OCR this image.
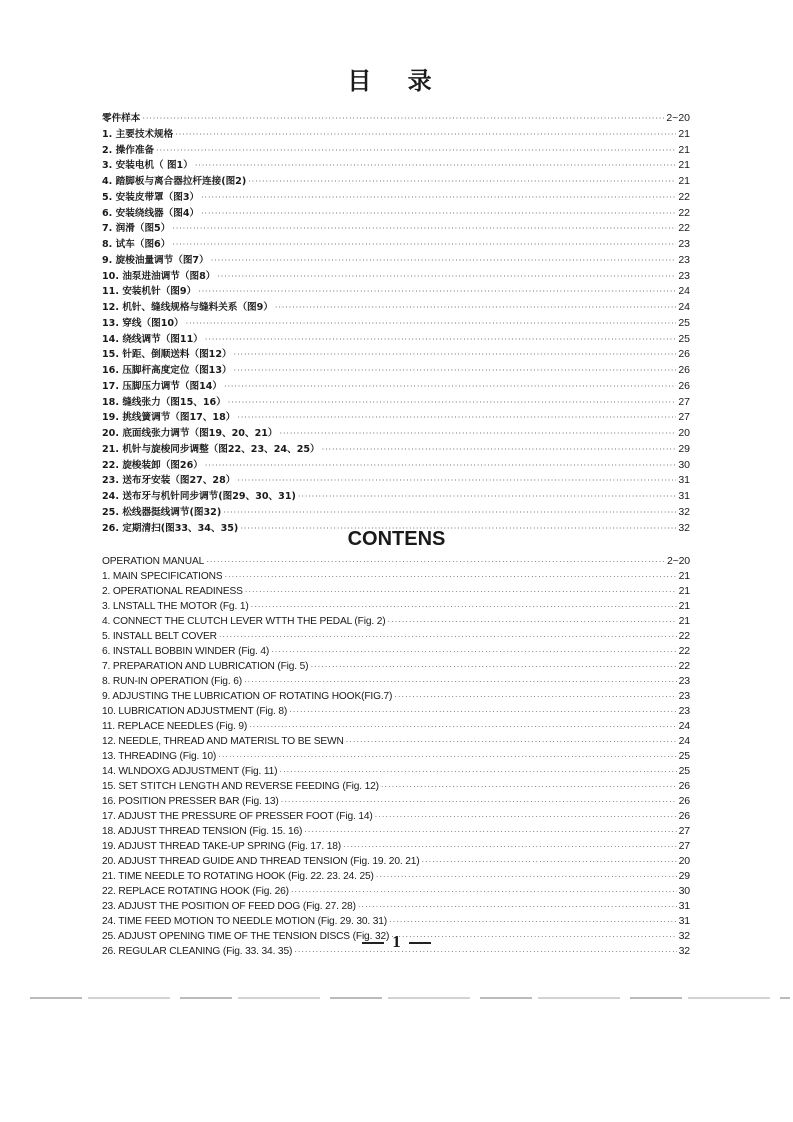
目 录
零件样本 ·····	2~20
1. 主要技术规格 ·····	21
2. 操作准备 ·····	21
3. 安装电机（ 图1） ·····	21
4. 踏脚板与离合器拉杆连接(图2) ·····	21
5. 安装皮带罩（图3） ·····	22
6. 安装绕线器（图4） ·····	22
7. 润滑（图5） ·····	22
8. 试车（图6） ·····	23
9. 旋梭油量调节（图7） ·····	23
10. 油泵进油调节（图8） ·····	23
11. 安装机针（图9） ·····	24
12. 机针、缝线规格与缝料关系（图9） ·····	24
13. 穿线（图10） ·····	25
14. 绕线调节（图11） ·····	25
15. 针距、倒顺送料（图12） ·····	26
16. 压脚杆高度定位（图13） ·····	26
17. 压脚压力调节（图14） ·····	26
18. 缝线张力（图15、16） ·····	27
19. 挑线簧调节（图17、18） ·····	27
20. 底面线张力调节（图19、20、21） ·····	20
21. 机针与旋梭同步调整（图22、23、24、25） ·····	29
22. 旋梭装卸（图26） ·····	30
23. 送布牙安装（图27、28） ·····	31
24. 送布牙与机针同步调节(图29、30、31) ·····	31
25. 松线器挺线调节(图32) ·····	32
26. 定期清扫(图33、34、35) ·····	32
CONTENS
OPERATION MANUAL ·····	2~20
1. MAIN SPECIFICATIONS ·····	21
2. OPERATIONAL READINESS ·····	21
3. LNSTALL THE MOTOR (Fg. 1) ·····	21
4. CONNECT THE CLUTCH LEVER WTTH THE PEDAL (Fig. 2) ·····	21
5. INSTALL BELT COVER ·····	22
6. INSTALL BOBBIN WINDER (Fig. 4) ·····	22
7. PREPARATION AND LUBRICATION (Fig. 5) ·····	22
8. RUN-IN OPERATION (Fig. 6) ·····	23
9. ADJUSTING THE LUBRICATION OF ROTATING HOOK(FIG.7) ·····	23
10. LUBRICATION ADJUSTMENT (Fig. 8) ·····	23
11. REPLACE NEEDLES (Fig. 9) ·····	24
12. NEEDLE, THREAD AND MATERISL TO BE SEWN ·····	24
13. THREADING (Fig. 10) ·····	25
14. WLNDOXG ADJUSTMENT (Fig. 11) ·····	25
15. SET STITCH LENGTH AND REVERSE FEEDING (Fig. 12) ·····	26
16. POSITION PRESSER BAR (Fig. 13) ·····	26
17. ADJUST THE PRESSURE OF PRESSER FOOT (Fig. 14) ·····	26
18. ADJUST THREAD TENSION (Fig. 15. 16) ·····	27
19. ADJUST THREAD TAKE-UP SPRING (Fig. 17. 18) ·····	27
20. ADJUST THREAD GUIDE AND THREAD TENSION (Fig. 19. 20. 21) ·····	20
21. TIME NEEDLE TO ROTATING HOOK (Fig. 22. 23. 24. 25) ·····	29
22. REPLACE ROTATING HOOK (Fig. 26) ·····	30
23. ADJUST THE POSITION OF FEED DOG (Fig. 27. 28) ·····	31
24. TIME FEED MOTION TO NEEDLE MOTION (Fig. 29. 30. 31) ·····	31
25. ADJUST OPENING TIME OF THE TENSION DISCS (Fig. 32) ·····	32
26. REGULAR CLEANING (Fig. 33. 34. 35) ·····	32
1
